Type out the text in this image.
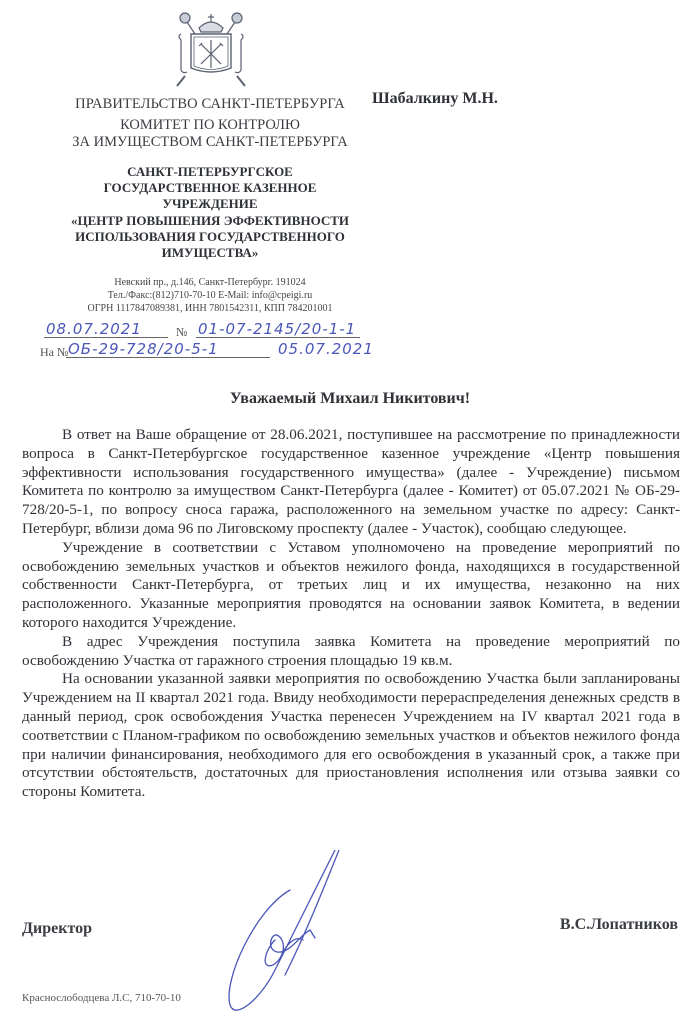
ПРАВИТЕЛЬСТВО САНКТ-ПЕТЕРБУРГА
КОМИТЕТ ПО КОНТРОЛЮ
ЗА ИМУЩЕСТВОМ САНКТ-ПЕТЕРБУРГА
САНКТ-ПЕТЕРБУРГСКОЕ
ГОСУДАРСТВЕННОЕ КАЗЕННОЕ
УЧРЕЖДЕНИЕ
«ЦЕНТР ПОВЫШЕНИЯ ЭФФЕКТИВНОСТИ
ИСПОЛЬЗОВАНИЯ ГОСУДАРСТВЕННОГО
ИМУЩЕСТВА»
Невский пр., д.146, Санкт-Петербург. 191024
Тел./Факс:(812)710-70-10 E-Mail: info@cpeigi.ru
ОГРН 1117847089381, ИНН 7801542311, КПП 784201001
08.07.2021	№ 01-07-2145/20-1-1
На № ОБ-29-728/20-5-1	05.07.2021
Шабалкину М.Н.
Уважаемый Михаил Никитович!

В ответ на Ваше обращение от 28.06.2021, поступившее на рассмотрение по принадлежности вопроса в Санкт-Петербургское государственное казенное учреждение «Центр повышения эффективности использования государственного имущества» (далее - Учреждение) письмом Комитета по контролю за имуществом Санкт-Петербурга (далее - Комитет) от 05.07.2021 № ОБ-29-728/20-5-1, по вопросу сноса гаража, расположенного на земельном участке по адресу: Санкт-Петербург, вблизи дома 96 по Лиговскому проспекту (далее - Участок), сообщаю следующее.

Учреждение в соответствии с Уставом уполномочено на проведение мероприятий по освобождению земельных участков и объектов нежилого фонда, находящихся в государственной собственности Санкт-Петербурга, от третьих лиц и их имущества, незаконно на них расположенного. Указанные мероприятия проводятся на основании заявок Комитета, в ведении которого находится Учреждение.

В адрес Учреждения поступила заявка Комитета на проведение мероприятий по освобождению Участка от гаражного строения площадью 19 кв.м.

На основании указанной заявки мероприятия по освобождению Участка были запланированы Учреждением на II квартал 2021 года. Ввиду необходимости перераспределения денежных средств в данный период, срок освобождения Участка перенесен Учреждением на IV квартал 2021 года в соответствии с Планом-графиком по освобождению земельных участков и объектов нежилого фонда при наличии финансирования, необходимого для его освобождения в указанный срок, а также при отсутствии обстоятельств, достаточных для приостановления исполнения или отзыва заявки со стороны Комитета.

Директор	В.С.Лопатников
Краснослободцева Л.С, 710-70-10
